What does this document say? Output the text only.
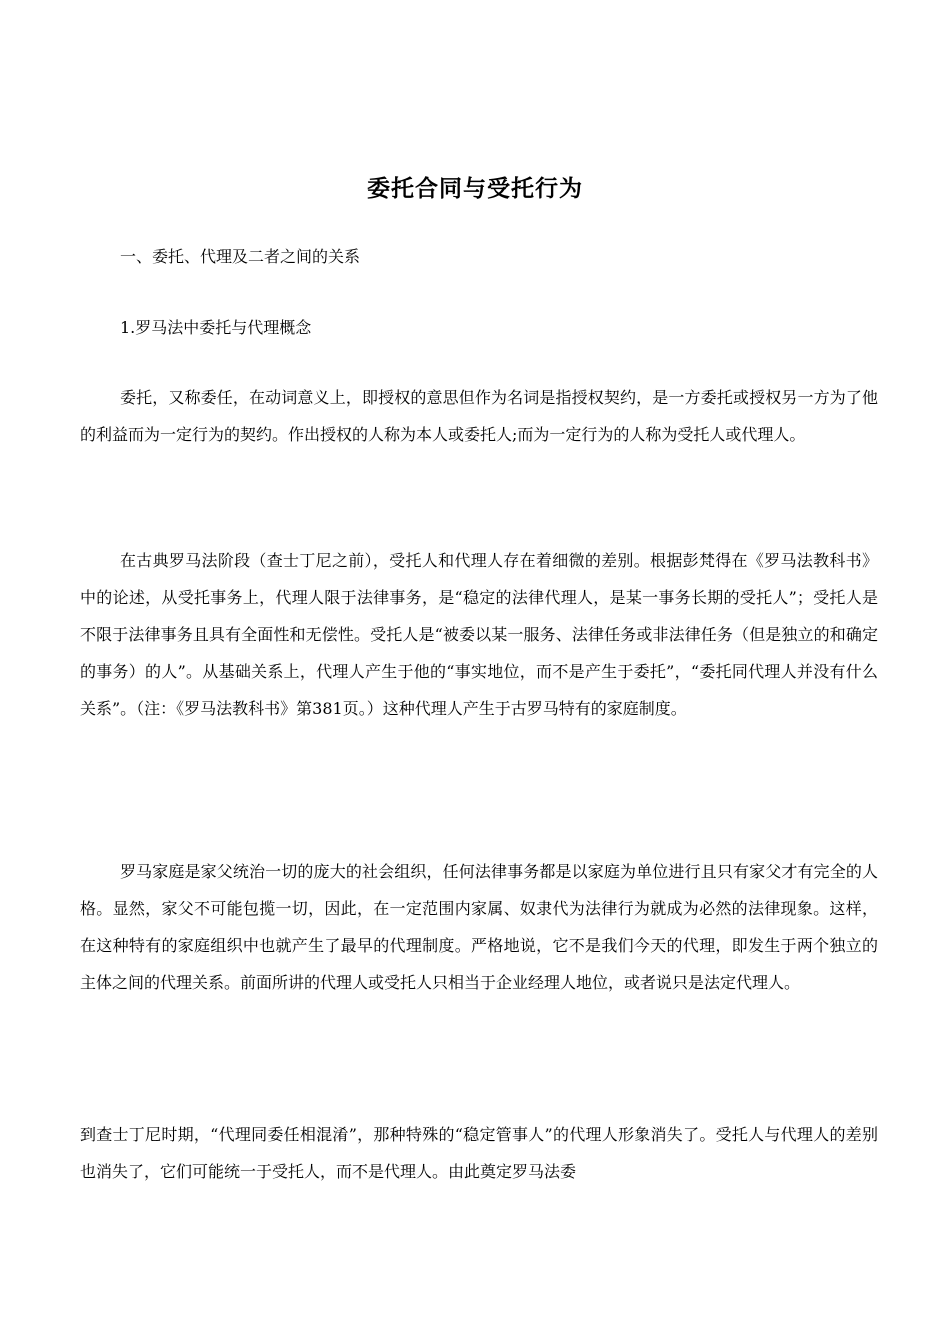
委托合同与受托行为

一、委托、代理及二者之间的关系

1.罗马法中委托与代理概念

委托，又称委任，在动词意义上，即授权的意思但作为名词是指授权契约，是一方委托或授权另一方为了他的利益而为一定行为的契约。作出授权的人称为本人或委托人;而为一定行为的人称为受托人或代理人。

在古典罗马法阶段（查士丁尼之前），受托人和代理人存在着细微的差别。根据彭梵得在《罗马法教科书》中的论述，从受托事务上，代理人限于法律事务，是“稳定的法律代理人，是某一事务长期的受托人”；受托人是不限于法律事务且具有全面性和无偿性。受托人是“被委以某一服务、法律任务或非法律任务（但是独立的和确定的事务）的人”。从基础关系上，代理人产生于他的“事实地位，而不是产生于委托”，“委托同代理人并没有什么关系”。（注：《罗马法教科书》第381页。）这种代理人产生于古罗马特有的家庭制度。

罗马家庭是家父统治一切的庞大的社会组织，任何法律事务都是以家庭为单位进行且只有家父才有完全的人格。显然，家父不可能包揽一切，因此，在一定范围内家属、奴隶代为法律行为就成为必然的法律现象。这样，在这种特有的家庭组织中也就产生了最早的代理制度。严格地说，它不是我们今天的代理，即发生于两个独立的主体之间的代理关系。前面所讲的代理人或受托人只相当于企业经理人地位，或者说只是法定代理人。

到查士丁尼时期，“代理同委任相混淆”，那种特殊的“稳定管事人”的代理人形象消失了。受托人与代理人的差别也消失了，它们可能统一于受托人，而不是代理人。由此奠定罗马法委
